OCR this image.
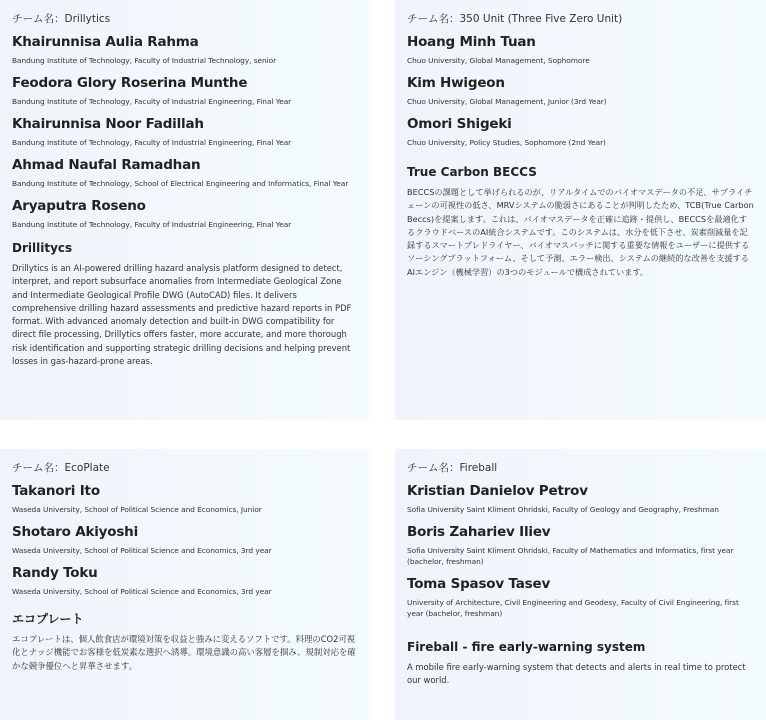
チーム名：Drillytics
Khairunnisa Aulia Rahma
Bandung Institute of Technology, Faculty of Industrial Technology, senior
Feodora Glory Roserina Munthe
Bandung Institute of Technology, Faculty of Industrial Engineering, Final Year
Khairunnisa Noor Fadillah
Bandung Institute of Technology, Faculty of Industrial Engineering, Final Year
Ahmad Naufal Ramadhan
Bandung Institute of Technology, School of Electrical Engineering and Informatics, Final Year
Aryaputra Roseno
Bandung Institute of Technology, Faculty of Industrial Engineering, Final Year
Drillitycs
Drillytics is an AI-powered drilling hazard analysis platform designed to detect, interpret, and report subsurface anomalies from Intermediate Geological Zone and Intermediate Geological Profile DWG (AutoCAD) files. It delivers comprehensive drilling hazard assessments and predictive hazard reports in PDF format. With advanced anomaly detection and built-in DWG compatibility for direct file processing, Drillytics offers faster, more accurate, and more thorough risk identification and supporting strategic drilling decisions and helping prevent losses in gas-hazard-prone areas.
チーム名：350 Unit (Three Five Zero Unit)
Hoang Minh Tuan
Chuo University, Global Management, Sophomore
Kim Hwigeon
Chuo University, Global Management, Junior (3rd Year)
Omori Shigeki
Chuo University, Policy Studies, Sophomore (2nd Year)
True Carbon BECCS
BECCSの課題として挙げられるのが、リアルタイムでのバイオマスデータの不足、サプライチェーンの可視性の低さ、MRVシステムの脆弱さにあることが判明したため、TCB(True Carbon Beccs)を提案します。これは、バイオマスデータを正確に追跡・提供し、BECCSを最適化するクラウドベースのAI統合システムです。このシステムは、水分を低下させ、炭素削減量を記録するスマートプレドライヤー、バイオマスバッチに関する重要な情報をユーザーに提供するソーシングプラットフォーム、そして予測、エラー検出、システムの継続的な改善を支援するAIエンジン（機械学習）の3つのモジュールで構成されています。
チーム名：EcoPlate
Takanori Ito
Waseda University, School of Political Science and Economics, Junior
Shotaro Akiyoshi
Waseda University, School of Political Science and Economics, 3rd year
Randy Toku
Waseda University, School of Political Science and Economics, 3rd year
エコプレート
エコプレートは、個人飲食店が環境対策を収益と強みに変えるソフトです。料理のCO2可視化とナッジ機能でお客様を低炭素な選択へ誘導。環境意識の高い客層を掴み、規制対応を確かな競争優位へと昇華させます。
チーム名：Fireball
Kristian Danielov Petrov
Sofia University Saint Kliment Ohridski, Faculty of Geology and Geography, Freshman
Boris Zahariev Iliev
Sofia University Saint Kliment Ohridski, Faculty of Mathematics and Informatics, first year (bachelor, freshman)
Toma Spasov Tasev
University of Architecture, Civil Engineering and Geodesy, Faculty of Civil Engineering, first year (bachelor, freshman)
Fireball - fire early-warning system
A mobile fire early-warning system that detects and alerts in real time to protect our world.
